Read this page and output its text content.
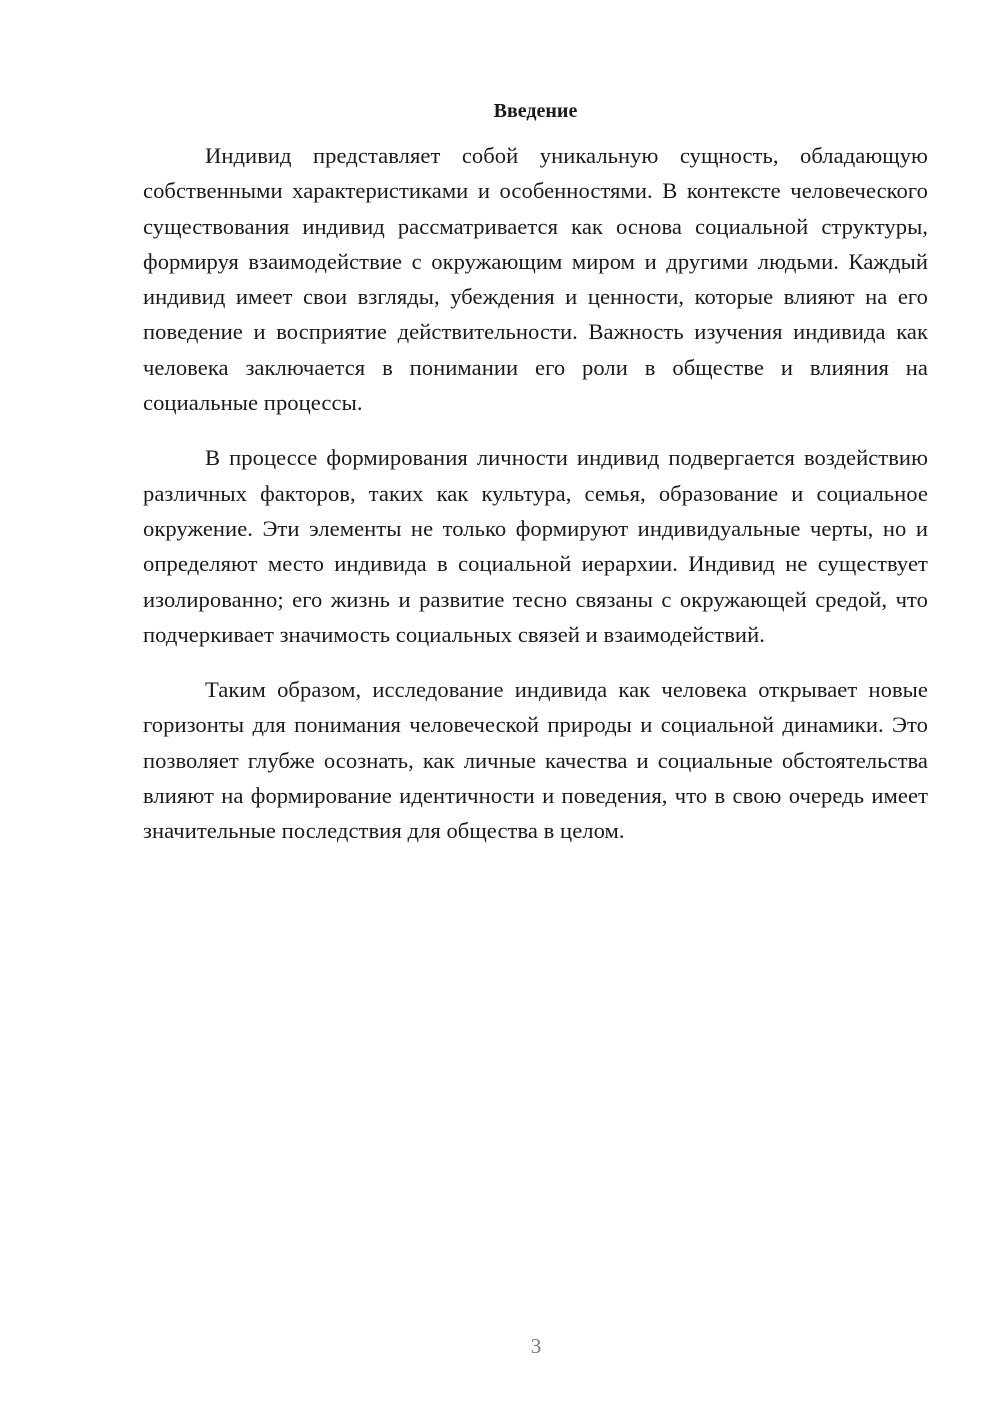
Введение

Индивид представляет собой уникальную сущность, обладающую собственными характеристиками и особенностями. В контексте человеческого существования индивид рассматривается как основа социальной структуры, формируя взаимодействие с окружающим миром и другими людьми. Каждый индивид имеет свои взгляды, убеждения и ценности, которые влияют на его поведение и восприятие действительности. Важность изучения индивида как человека заключается в понимании его роли в обществе и влияния на социальные процессы.

В процессе формирования личности индивид подвергается воздействию различных факторов, таких как культура, семья, образование и социальное окружение. Эти элементы не только формируют индивидуальные черты, но и определяют место индивида в социальной иерархии. Индивид не существует изолированно; его жизнь и развитие тесно связаны с окружающей средой, что подчеркивает значимость социальных связей и взаимодействий.

Таким образом, исследование индивида как человека открывает новые горизонты для понимания человеческой природы и социальной динамики. Это позволяет глубже осознать, как личные качества и социальные обстоятельства влияют на формирование идентичности и поведения, что в свою очередь имеет значительные последствия для общества в целом.

3
